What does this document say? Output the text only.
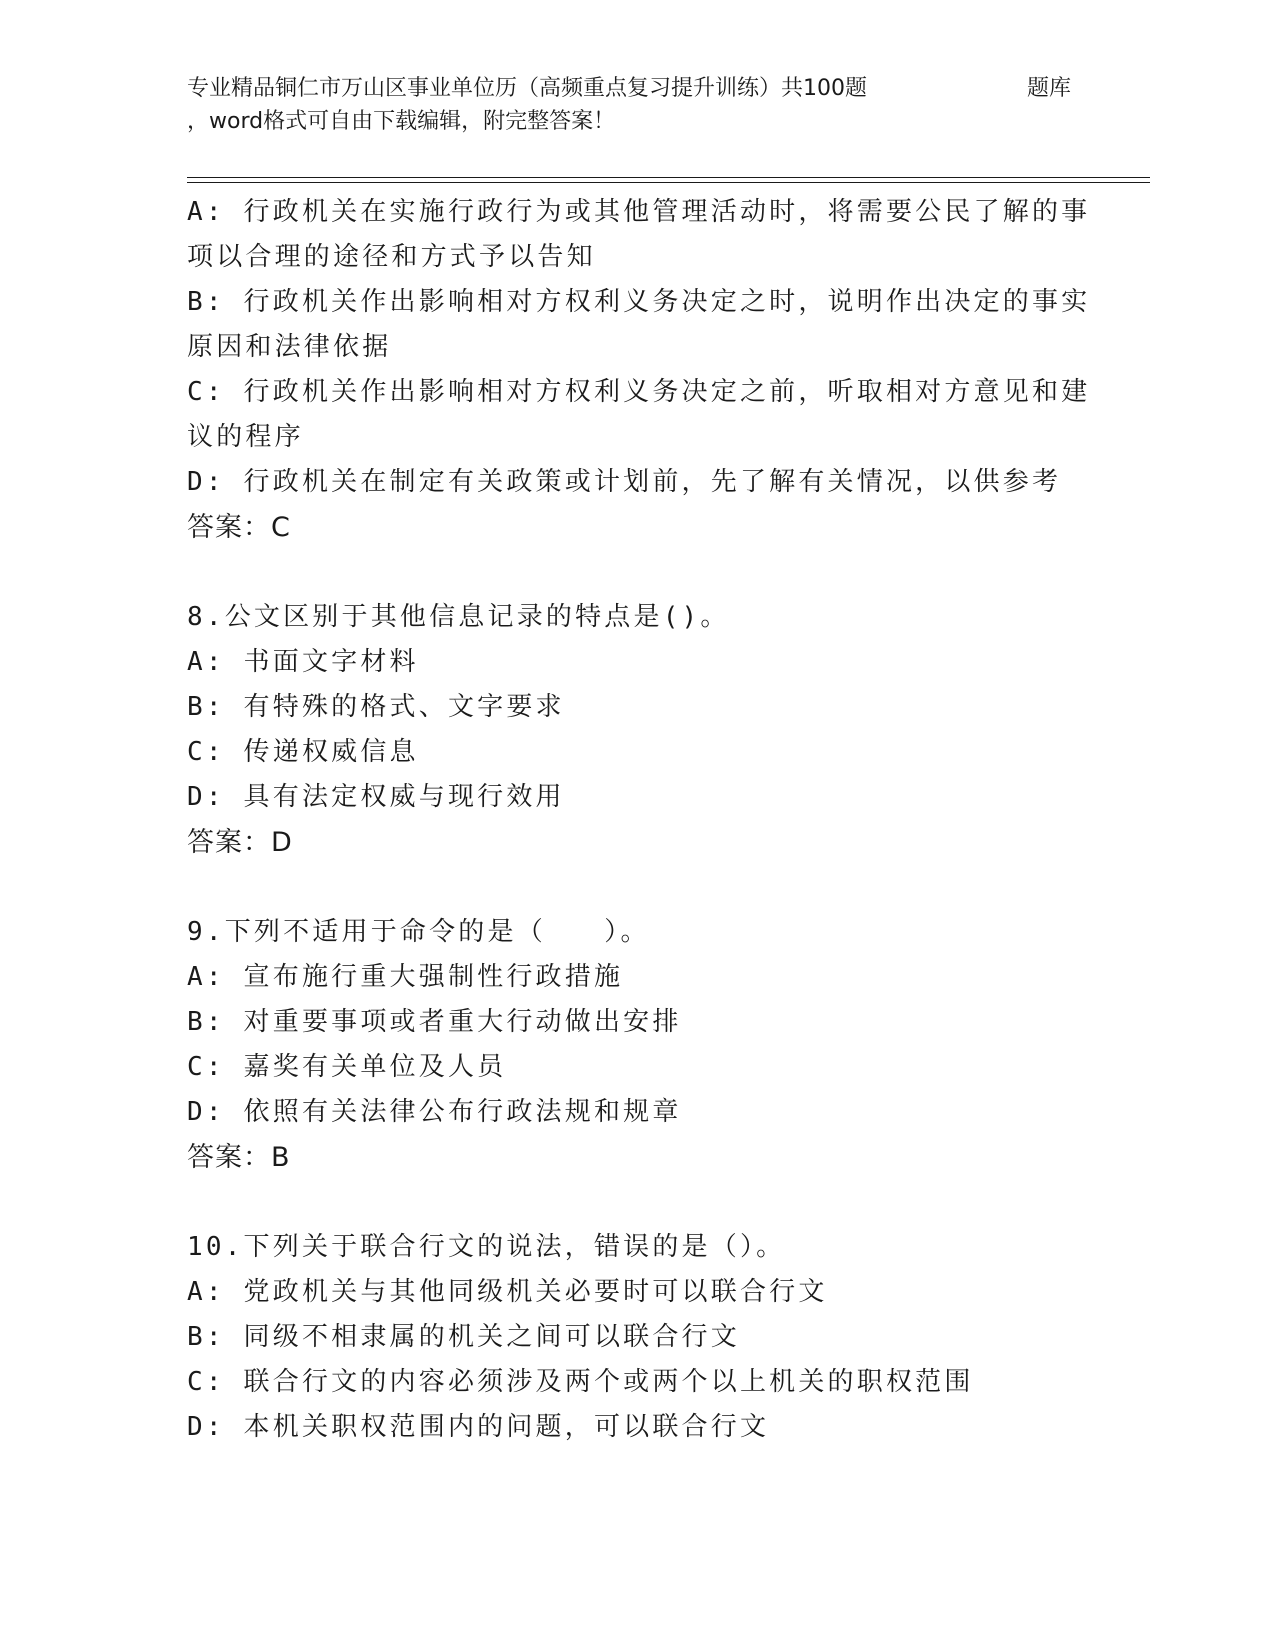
专业精品铜仁市万山区事业单位历（高频重点复习提升训练）共100题	题库
，word格式可自由下载编辑，附完整答案！
A: 行政机关在实施行政行为或其他管理活动时，将需要公民了解的事
项以合理的途径和方式予以告知
B: 行政机关作出影响相对方权利义务决定之时，说明作出决定的事实
原因和法律依据
C: 行政机关作出影响相对方权利义务决定之前，听取相对方意见和建
议的程序
D: 行政机关在制定有关政策或计划前，先了解有关情况，以供参考
答案：C
8.公文区别于其他信息记录的特点是()。
A: 书面文字材料
B: 有特殊的格式、文字要求
C: 传递权威信息
D: 具有法定权威与现行效用
答案：D
9.下列不适用于命令的是（　　）。
A: 宣布施行重大强制性行政措施
B: 对重要事项或者重大行动做出安排
C: 嘉奖有关单位及人员
D: 依照有关法律公布行政法规和规章
答案：B
10.下列关于联合行文的说法，错误的是（）。
A: 党政机关与其他同级机关必要时可以联合行文
B: 同级不相隶属的机关之间可以联合行文
C: 联合行文的内容必须涉及两个或两个以上机关的职权范围
D: 本机关职权范围内的问题，可以联合行文
